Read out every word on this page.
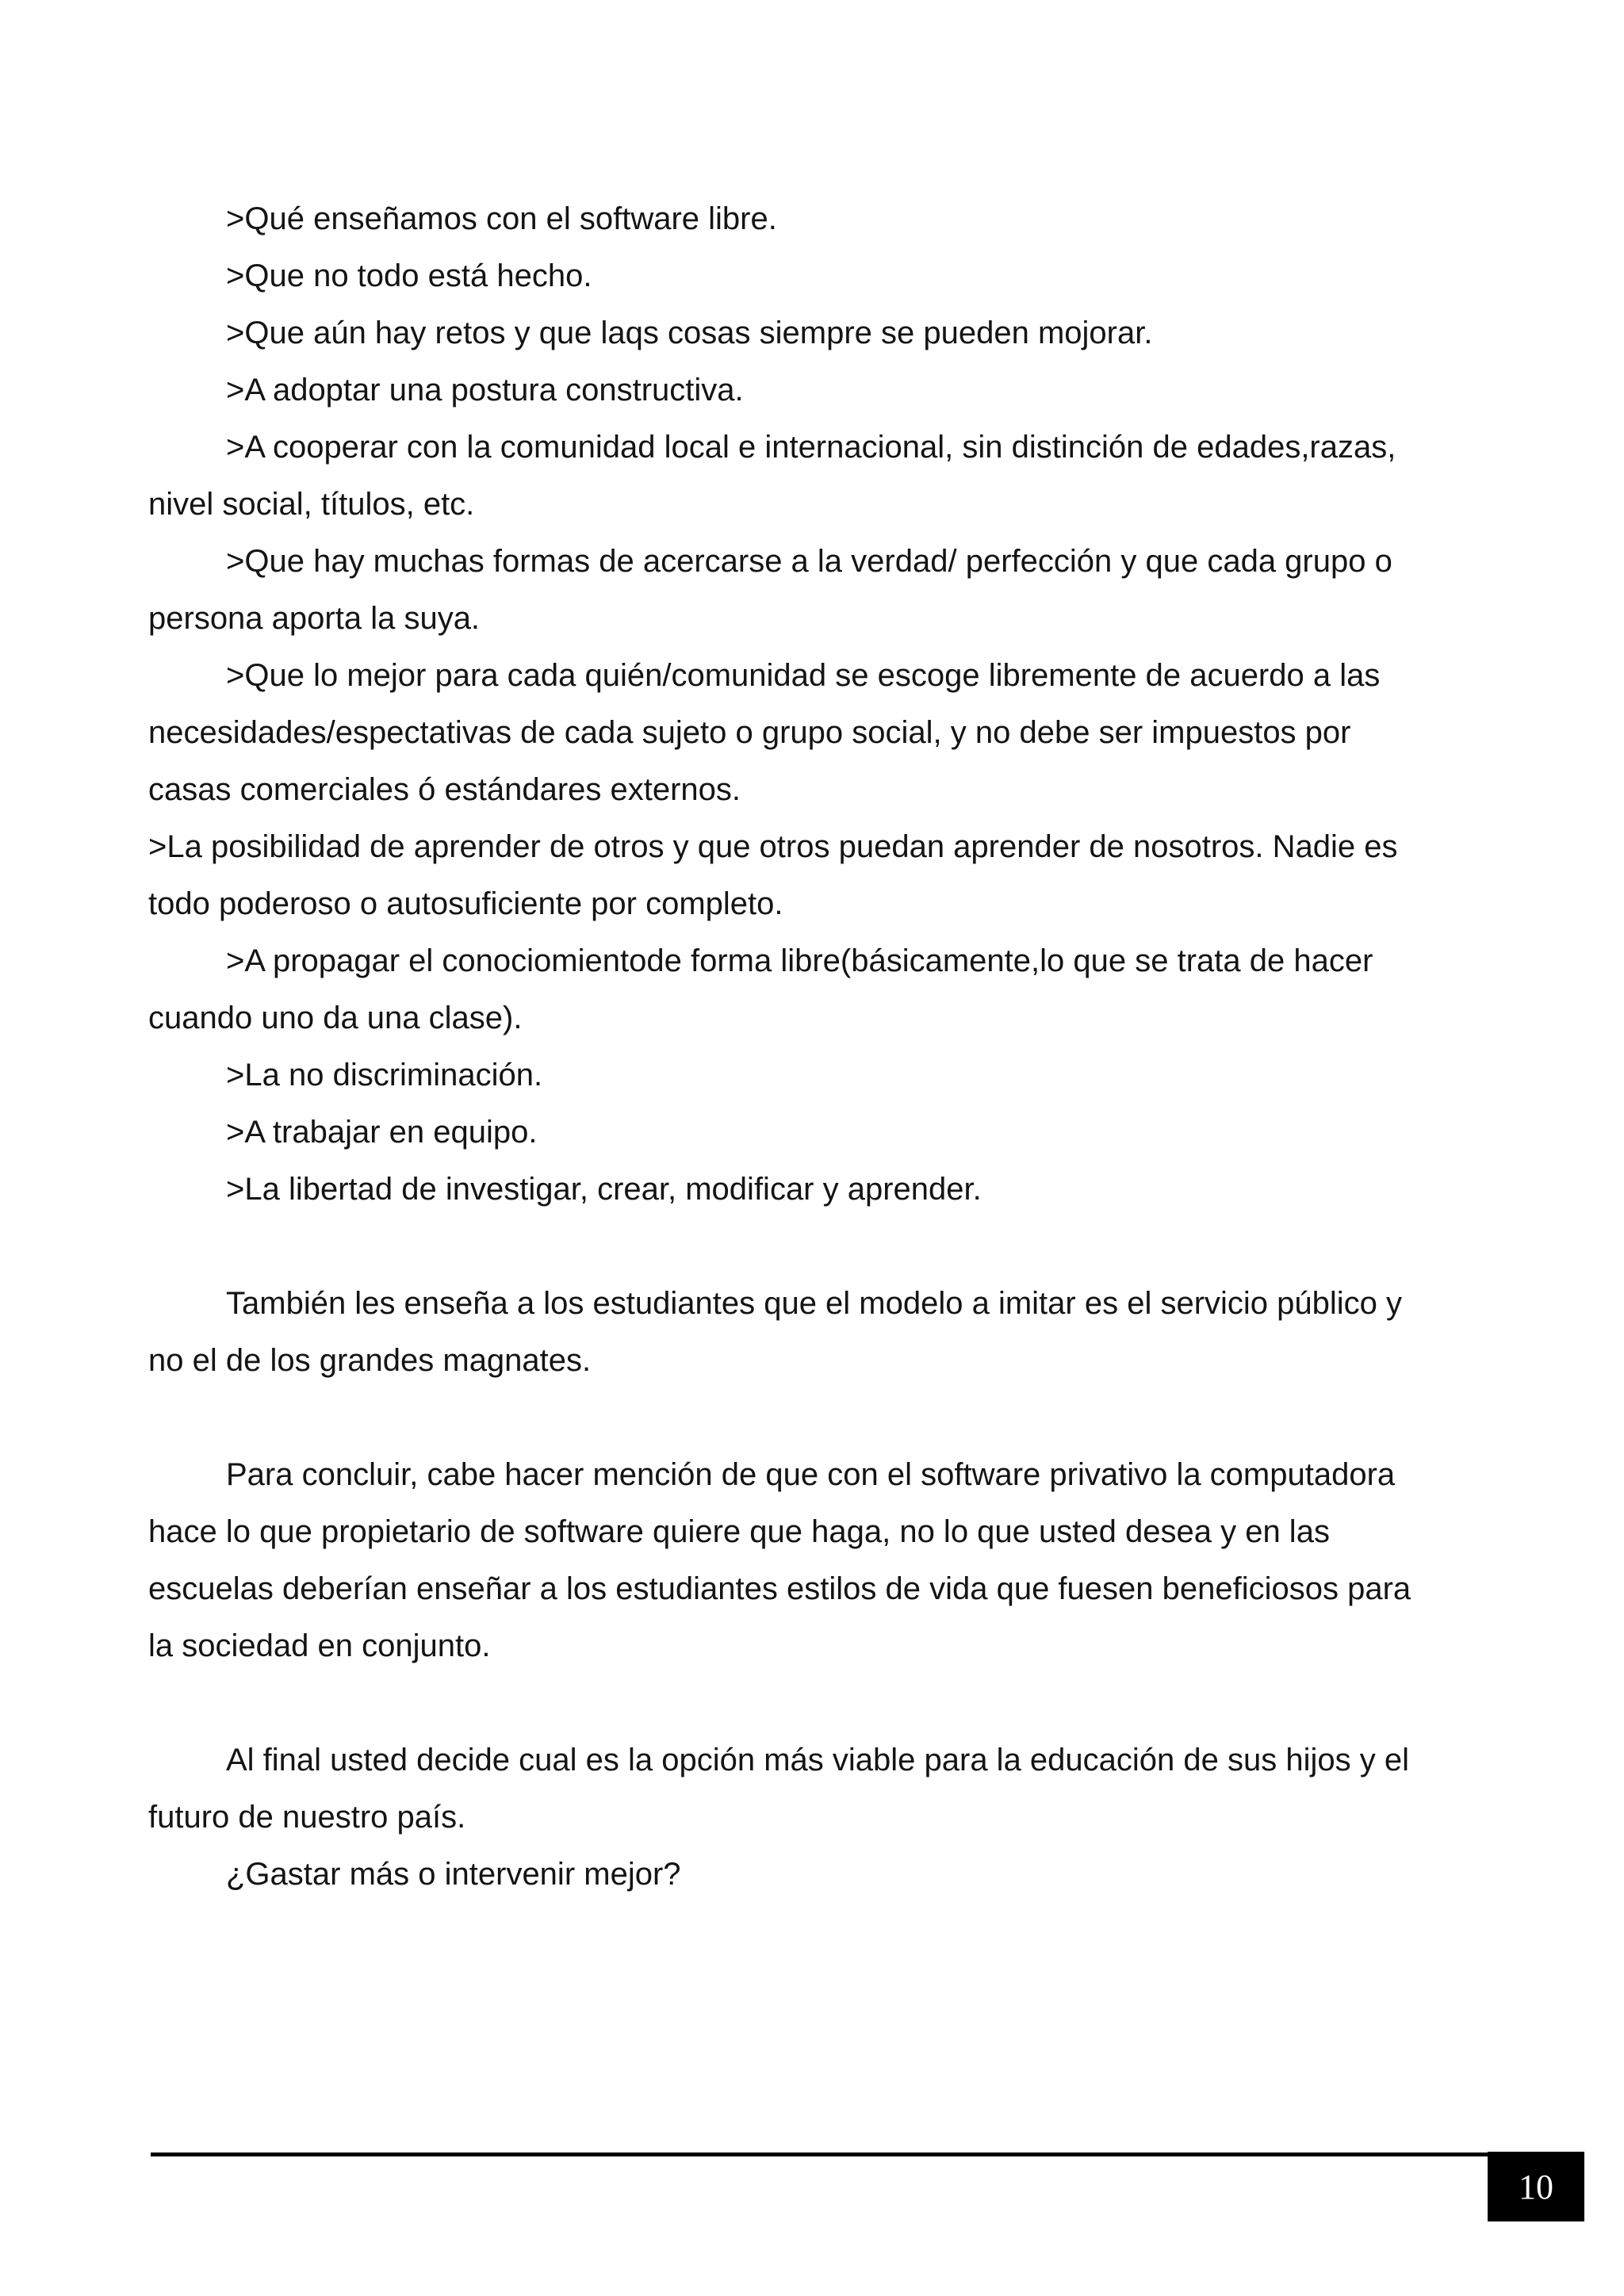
>Qué enseñamos con el software libre.

>Que no todo está hecho.

>Que aún hay retos y que laqs cosas siempre se pueden mojorar.

>A adoptar una postura constructiva.

>A cooperar con la comunidad local e internacional, sin distinción de edades,razas,

nivel social, títulos, etc.

>Que hay muchas formas de acercarse a la verdad/ perfección y que cada grupo o

persona aporta la suya.

>Que lo mejor para cada quién/comunidad se escoge libremente de acuerdo a las

necesidades/espectativas de cada sujeto o grupo social, y no debe ser impuestos por

casas comerciales ó estándares externos.

>La posibilidad de aprender de otros y que otros puedan aprender de nosotros. Nadie es

todo poderoso o autosuficiente por completo.

>A propagar el conociomientode forma libre(básicamente,lo que se trata de hacer

cuando uno da una clase).

>La no discriminación.

>A trabajar en equipo.

>La libertad de investigar, crear, modificar y aprender.

También les enseña a los estudiantes que el modelo a imitar es el servicio público y

no el de los grandes magnates.

Para concluir, cabe hacer mención de que con el software privativo la computadora

hace lo que propietario de software quiere que haga, no lo que usted desea y en las

escuelas deberían enseñar a los estudiantes estilos de vida que fuesen beneficiosos para

la sociedad en conjunto.

Al final usted decide cual es la opción más viable para la educación de sus hijos y el

futuro de nuestro país.

¿Gastar más o intervenir mejor?

10
